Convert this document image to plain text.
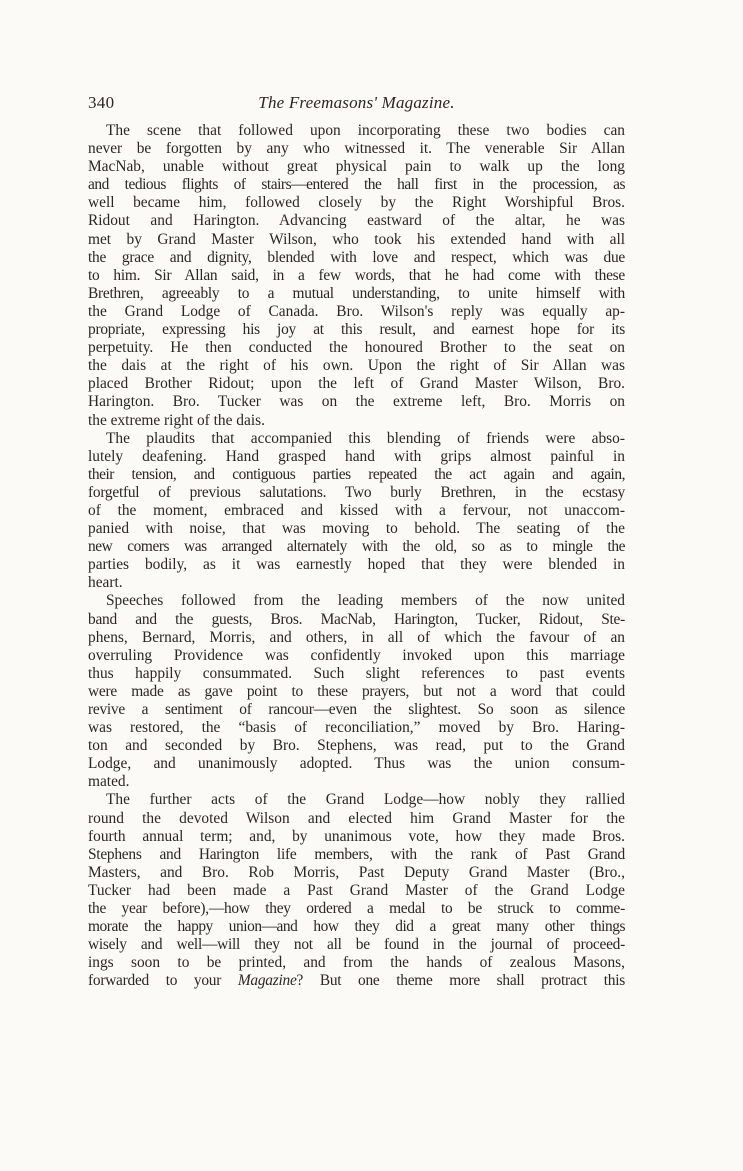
340	The Freemasons' Magazine.

The scene that followed upon incorporating these two bodies can
never be forgotten by any who witnessed it. The venerable Sir Allan
MacNab, unable without great physical pain to walk up the long
and tedious flights of stairs—entered the hall first in the procession, as
well became him, followed closely by the Right Worshipful Bros.
Ridout and Harington. Advancing eastward of the altar, he was
met by Grand Master Wilson, who took his extended hand with all
the grace and dignity, blended with love and respect, which was due
to him. Sir Allan said, in a few words, that he had come with these
Brethren, agreeably to a mutual understanding, to unite himself with
the Grand Lodge of Canada. Bro. Wilson's reply was equally ap-
propriate, expressing his joy at this result, and earnest hope for its
perpetuity. He then conducted the honoured Brother to the seat on
the dais at the right of his own. Upon the right of Sir Allan was
placed Brother Ridout; upon the left of Grand Master Wilson, Bro.
Harington. Bro. Tucker was on the extreme left, Bro. Morris on
the extreme right of the dais.

The plaudits that accompanied this blending of friends were abso-
lutely deafening. Hand grasped hand with grips almost painful in
their tension, and contiguous parties repeated the act again and again,
forgetful of previous salutations. Two burly Brethren, in the ecstasy
of the moment, embraced and kissed with a fervour, not unaccom-
panied with noise, that was moving to behold. The seating of the
new comers was arranged alternately with the old, so as to mingle the
parties bodily, as it was earnestly hoped that they were blended in
heart.

Speeches followed from the leading members of the now united
band and the guests, Bros. MacNab, Harington, Tucker, Ridout, Ste-
phens, Bernard, Morris, and others, in all of which the favour of an
overruling Providence was confidently invoked upon this marriage
thus happily consummated. Such slight references to past events
were made as gave point to these prayers, but not a word that could
revive a sentiment of rancour—even the slightest. So soon as silence
was restored, the “basis of reconciliation,” moved by Bro. Haring-
ton and seconded by Bro. Stephens, was read, put to the Grand
Lodge, and unanimously adopted. Thus was the union consum-
mated.

The further acts of the Grand Lodge—how nobly they rallied
round the devoted Wilson and elected him Grand Master for the
fourth annual term; and, by unanimous vote, how they made Bros.
Stephens and Harington life members, with the rank of Past Grand
Masters, and Bro. Rob Morris, Past Deputy Grand Master (Bro.,
Tucker had been made a Past Grand Master of the Grand Lodge
the year before),—how they ordered a medal to be struck to comme-
morate the happy union—and how they did a great many other things
wisely and well—will they not all be found in the journal of proceed-
ings soon to be printed, and from the hands of zealous Masons,
forwarded to your Magazine? But one theme more shall protract this
